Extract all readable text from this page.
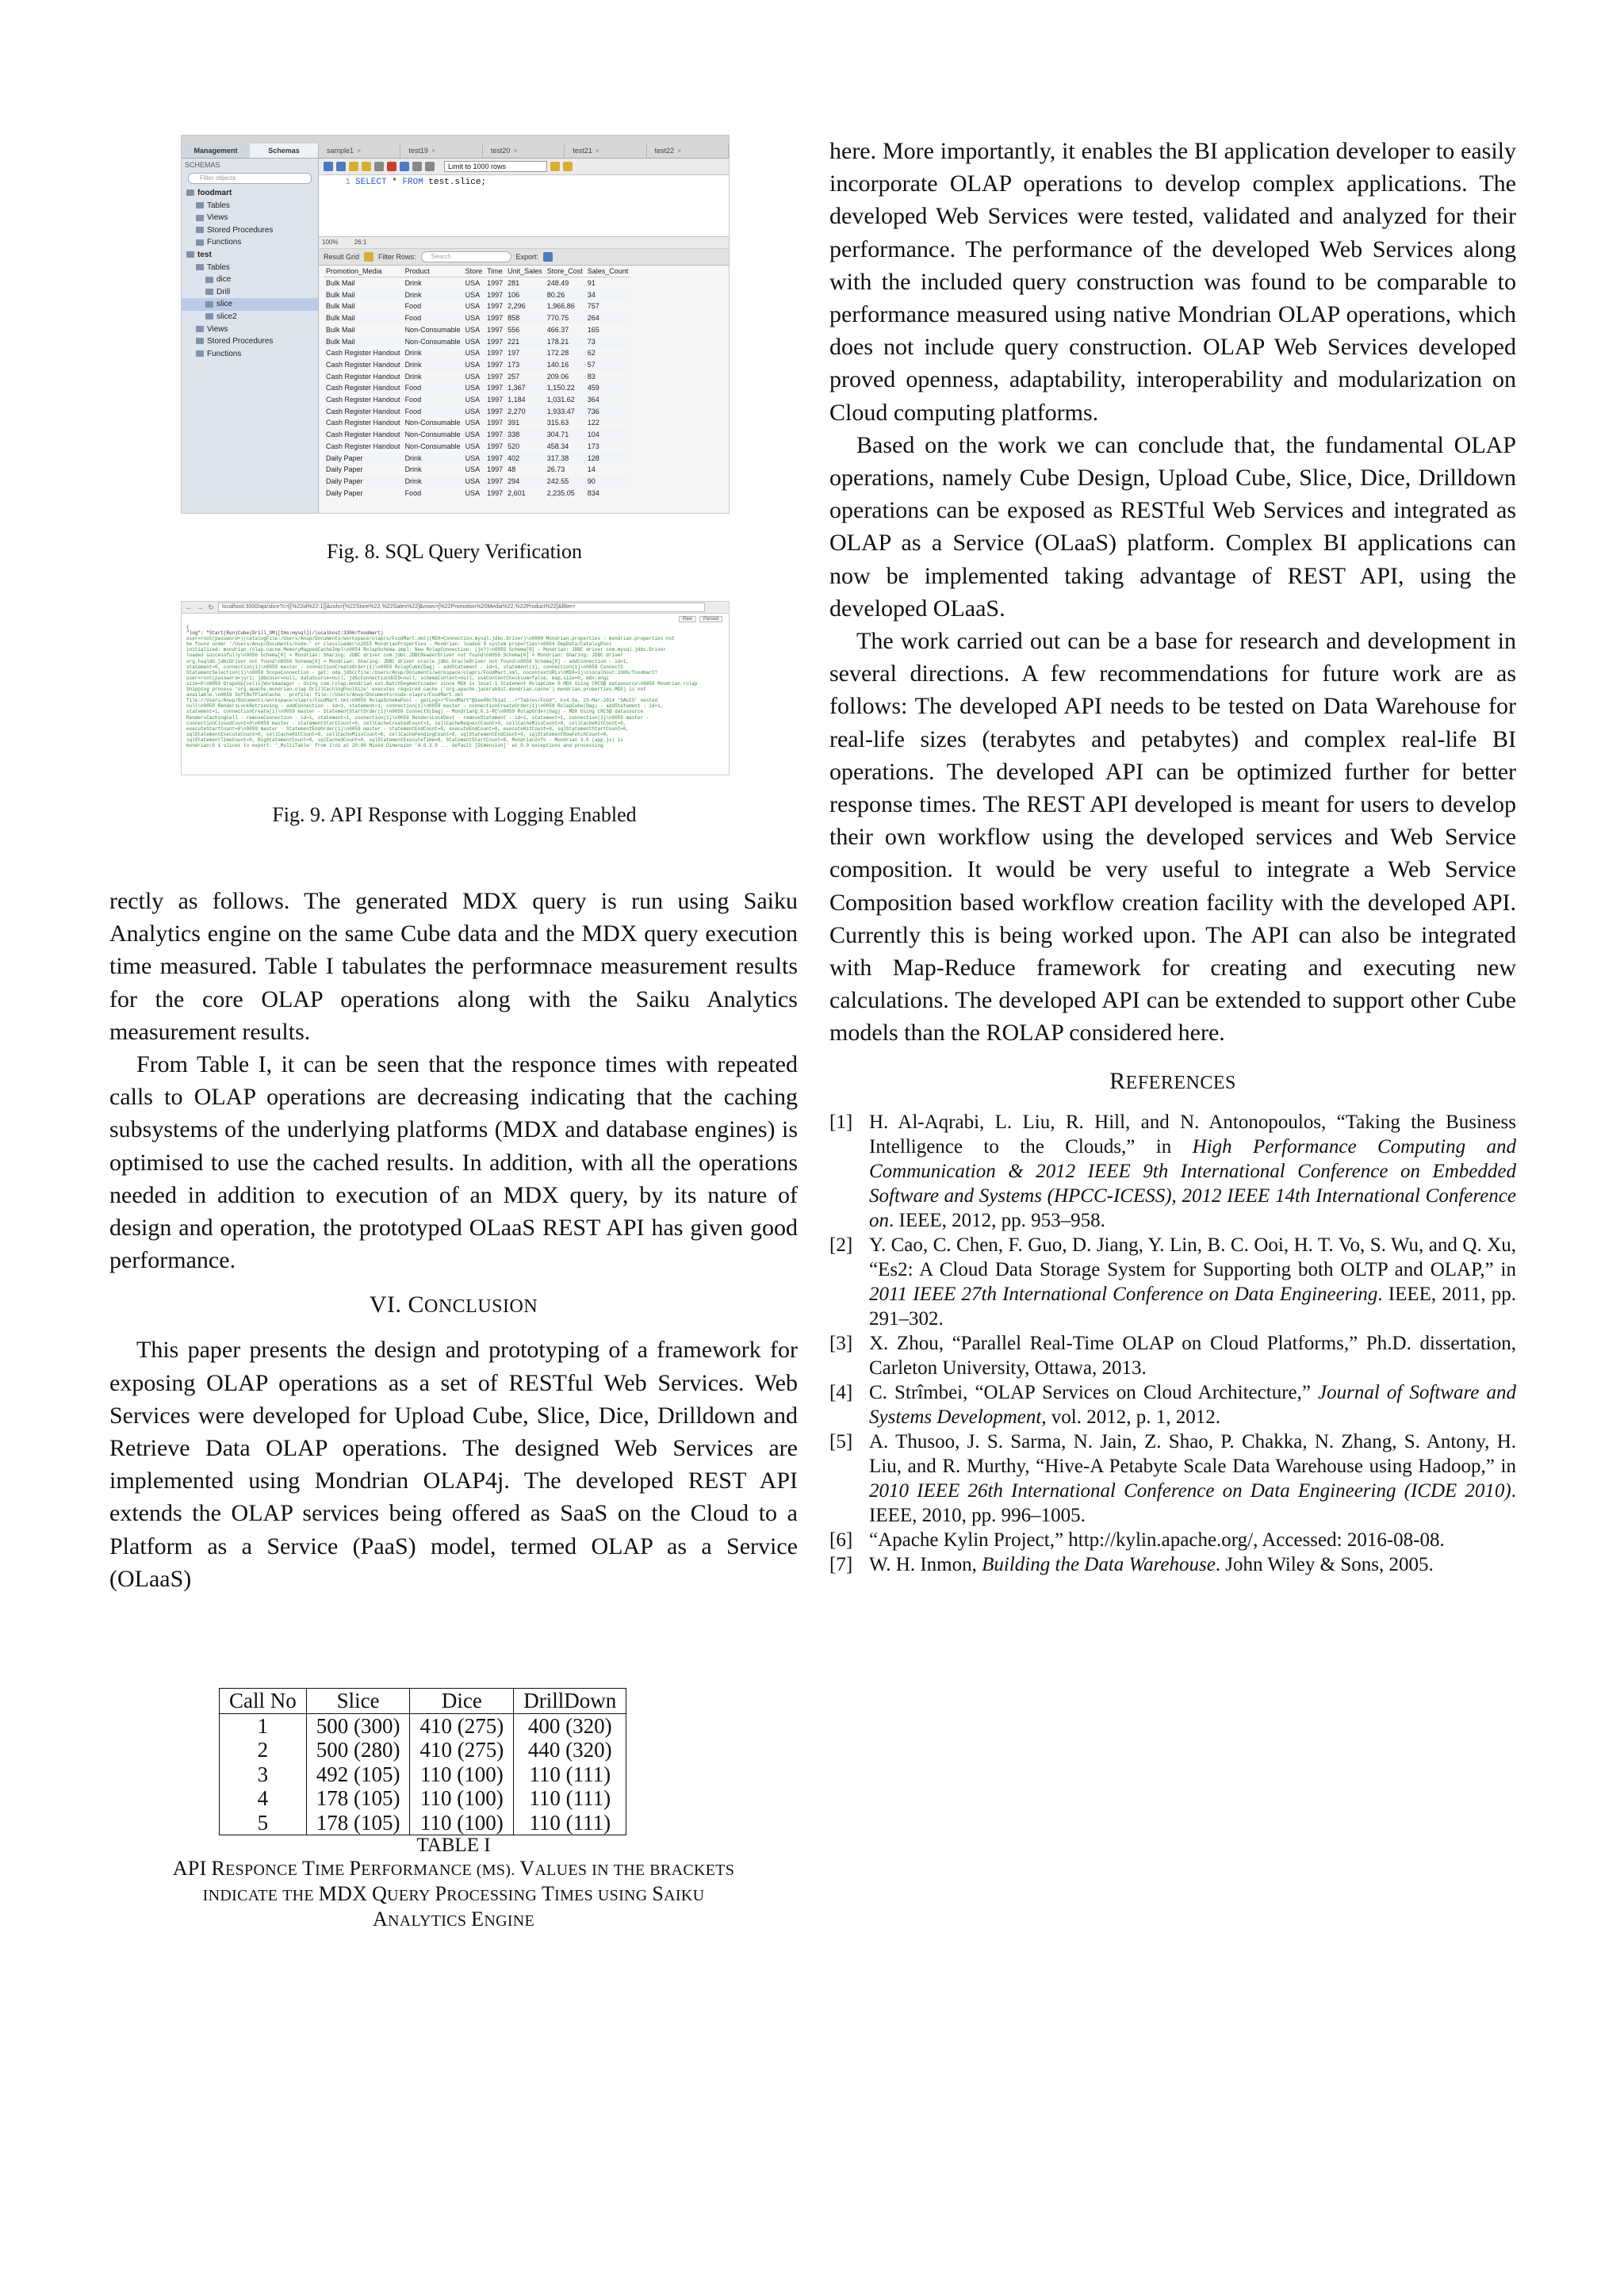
Management	Schemas
SCHEMAS
Filter objects
foodmart
Tables
Views
Stored Procedures
Functions
test
Tables
dice
Drill
slice
slice2
Views
Stored Procedures
Functions
sample1 ×	test19 ×	test20 ×	test21 ×	test22 ×
Limit to 1000 rows
1 SELECT * FROM test.slice;
100%	26:1
Result Grid	Filter Rows:	Search	Export:
Promotion_Media	Product	Store	Time	Unit_Sales	Store_Cost	Sales_Count
Bulk Mail	Drink	USA	1997	281	248.49	91
Bulk Mail	Drink	USA	1997	106	80.26	34
Bulk Mail	Food	USA	1997	2,296	1,966.86	757
Bulk Mail	Food	USA	1997	858	770.75	264
Bulk Mail	Non-Consumable	USA	1997	556	466.37	165
Bulk Mail	Non-Consumable	USA	1997	221	178.21	73
Cash Register Handout	Drink	USA	1997	197	172.28	62
Cash Register Handout	Drink	USA	1997	173	140.16	57
Cash Register Handout	Drink	USA	1997	257	209.06	83
Cash Register Handout	Food	USA	1997	1,367	1,150.22	459
Cash Register Handout	Food	USA	1997	1,184	1,031.62	364
Cash Register Handout	Food	USA	1997	2,270	1,933.47	736
Cash Register Handout	Non-Consumable	USA	1997	391	315.63	122
Cash Register Handout	Non-Consumable	USA	1997	338	304.71	104
Cash Register Handout	Non-Consumable	USA	1997	520	458.34	173
Daily Paper	Drink	USA	1997	402	317.38	128
Daily Paper	Drink	USA	1997	48	26.73	14
Daily Paper	Drink	USA	1997	294	242.55	90
Daily Paper	Food	USA	1997	2,601	2,235.05	834
Fig. 8. SQL Query Verification
← → ↻	localhost:3000/api/slice?c=[{%22id%22:1}]&cols=[%22Store%22,%22Sales%22]&rows=[%22Promotion%20Media%22,%22Product%22]&filter=
Raw	Parsed
{
"log": "Start(Run)Cube(Drill_OM)[tms:mysql](/localhost:3306/foodmart)
user=root(password=)(catalogFile:/Users/Anup/Documents/workspace/olaprs/FoodMart.xml)(MDX=Connection.mysql.jdbc.Driver)\n0000 Mondrian.properties - mondrian.properties not
be found under '/Users/Anup/Documents/node-' or classloader\n2015 MondrianProperties - Mondrian: loaded 0 system properties\n0054 DepData/CatalogPool
initialized: mondrian.rolap.cache.MemoryMappedCacheImpl\n0054 RolapSchema-impl: New RolapConnection: (jk?)\n0055 Schema[0] - Mondrian: JDBC driver com.mysql.jdbc.Driver
loaded successfully\n0056 Schema[0] = Mondrian: Sharing: JDBC driver com.jdbc.JDBCReaderDriver not found\n0056 Schema[0] = Mondrian: Sharing: JDBC driver
org.hsqldb.jdbcDriver not found\n0056 Schema[0] = Mondrian: Sharing: JDBC driver oracle.jdbc.OracleDriver not found\n0058 Schema[0] - addConnection - id=1,
statement=0, connection(1)\n0059 master - connectionCreateOrder(1)\n0059 RolapCube(Dag) - addStatement - id=1, statement(1), connection(1)\n0059 ConnectS
StatementSelection(1)\n0059 ScopeConnection - get: oda.jdbc(file:/Users/Anup/Documents/workspace/olaprs/FoodMart.xml, nocontextURLs\nMDX=1)\nlocalhost:3306/foodmart?
user=root(password=)ur1; jdbcUser=null, dataSource=null, jdbcConnectionUUID=null, schemaContent=null, useContentChecksum=false, map,size=0, mdx:engi
size=0\n0059 DrapeUp[cells]Workmanager - Using com.rolap.mondrian.ext.BatchSegmentLoader since MDX is local-1 Statement RolapCube 0 MDX Using CRCS@ datasource\n0059 Mondrian.rolap
Shipping process 'org.apache.mondrian.olap.DrillCachingPoolSize' executes required cache ('org.apache.jackrabbit.mondrian.cache') mondrian.properties.MDX) is not
available.\n0059 SoftRefPlanCache - profile: file://Users/Anup/Documents/node-olaprs/FoodMart.xml
file://Users/Anup/Documents/workspace/olaprs/FoodMart.xml\n0059 RolapSchemaPool - getLog>>"FoodMart"@1ee09c7b1a2...>"Tables/Food", kv4.0a, 23-Mar-2014 'SALES' nested
null\n0059 RendersLockRetrieving - addConnection - id=1, statement=1, connection(1)\n0059 master - connectionCreateOrder(1)\n0059 RolapCube(Dag) - addStatement - id=1,
statement=1, connectionCreate(1)\n0059 master - StatementStartOrder(1)\n0059 ConnectS(Dag) - MondrianQ.0.1-RC\n0059 RolapOrder(Dag) - MDX Using CRCS@ datasource
RendersCachingCell - removeConnection - id=1, statement=1, connection(1)\n0059 RendersLockDest - removeStatement - id=1, statement=1, connection(1)\n0059 master -
connectionClosedCount=0\n0059 master - statementStartCount=0, cellCacheCreatedCount=1, cellCacheRequestCount=0, cellCacheMissCount=0, cellCacheHitCount=0,
executeStartCount=0\n0059 master - StatementEndOrder(1)\n0059 master - statementEndCount=0, executeEndCount=0, executeHitCount=0, sqlStatementStartCount=0,
sqlStatementExecuteCount=0, cellCacheHitCount=0, cellCacheMissCount=0, cellCachePendingCount=0, sqlStatementEndCount=0, sqlStatementRowFetchCount=0,
sqlStatementTimeCount=0, BigStatementCount=0, sqlCachedCount=0, sqlStatementExecuteTime=0, StatementStartCount=0, MondrianInfo - Mondrian 3.0 (app.js) 1s
mondrian:0 1 slices to export: '_MultiTable' from 1\n1 at 20:00 Mixed Dimension '4.0.3.0 ... default [Dimension]' at 0.0 exceptions and processing
Fig. 9. API Response with Logging Enabled

rectly as follows. The generated MDX query is run using Saiku Analytics engine on the same Cube data and the MDX query execution time measured. Table I tabulates the performnace measurement results for the core OLAP operations along with the Saiku Analytics measurement results.

From Table I, it can be seen that the responce times with repeated calls to OLAP operations are decreasing indicating that the caching subsystems of the underlying platforms (MDX and database engines) is optimised to use the cached results. In addition, with all the operations needed in addition to execution of an MDX query, by its nature of design and operation, the prototyped OLaaS REST API has given good performance.

VI. CONCLUSION

This paper presents the design and prototyping of a framework for exposing OLAP operations as a set of RESTful Web Services. Web Services were developed for Upload Cube, Slice, Dice, Drilldown and Retrieve Data OLAP operations. The designed Web Services are implemented using Mondrian OLAP4j. The developed REST API extends the OLAP services being offered as SaaS on the Cloud to a Platform as a Service (PaaS) model, termed OLAP as a Service (OLaaS)

Call No	Slice	Dice	DrillDown
1	500 (300)	410 (275)	400 (320)
2	500 (280)	410 (275)	440 (320)
3	492 (105)	110 (100)	110 (111)
4	178 (105)	110 (100)	110 (111)
5	178 (105)	110 (100)	110 (111)
TABLE I
API RESPONCE TIME PERFORMANCE (MS). VALUES IN THE BRACKETS
INDICATE THE MDX QUERY PROCESSING TIMES USING SAIKU
ANALYTICS ENGINE

here. More importantly, it enables the BI application developer to easily incorporate OLAP operations to develop complex applications. The developed Web Services were tested, validated and analyzed for their performance. The performance of the developed Web Services along with the included query construction was found to be comparable to performance measured using native Mondrian OLAP operations, which does not include query construction. OLAP Web Services developed proved openness, adaptability, interoperability and modularization on Cloud computing platforms.

Based on the work we can conclude that, the fundamental OLAP operations, namely Cube Design, Upload Cube, Slice, Dice, Drilldown operations can be exposed as RESTful Web Services and integrated as OLAP as a Service (OLaaS) platform. Complex BI applications can now be implemented taking advantage of REST API, using the developed OLaaS.

The work carried out can be a base for research and development in several directions. A few recommendations for future work are as follows: The developed API needs to be tested on Data Warehouse for real-life sizes (terabytes and petabytes) and complex real-life BI operations. The developed API can be optimized further for better response times. The REST API developed is meant for users to develop their own workflow using the developed services and Web Service composition. It would be very useful to integrate a Web Service Composition based workflow creation facility with the developed API. Currently this is being worked upon. The API can also be integrated with Map-Reduce framework for creating and executing new calculations. The developed API can be extended to support other Cube models than the ROLAP considered here.

REFERENCES
[1] H. Al-Aqrabi, L. Liu, R. Hill, and N. Antonopoulos, “Taking the Business Intelligence to the Clouds,” in High Performance Computing and Communication & 2012 IEEE 9th International Conference on Embedded Software and Systems (HPCC-ICESS), 2012 IEEE 14th International Conference on. IEEE, 2012, pp. 953–958.
[2] Y. Cao, C. Chen, F. Guo, D. Jiang, Y. Lin, B. C. Ooi, H. T. Vo, S. Wu, and Q. Xu, “Es2: A Cloud Data Storage System for Supporting both OLTP and OLAP,” in 2011 IEEE 27th International Conference on Data Engineering. IEEE, 2011, pp. 291–302.
[3] X. Zhou, “Parallel Real-Time OLAP on Cloud Platforms,” Ph.D. dissertation, Carleton University, Ottawa, 2013.
[4] C. Strîmbei, “OLAP Services on Cloud Architecture,” Journal of Software and Systems Development, vol. 2012, p. 1, 2012.
[5] A. Thusoo, J. S. Sarma, N. Jain, Z. Shao, P. Chakka, N. Zhang, S. Antony, H. Liu, and R. Murthy, “Hive-A Petabyte Scale Data Warehouse using Hadoop,” in 2010 IEEE 26th International Conference on Data Engineering (ICDE 2010). IEEE, 2010, pp. 996–1005.
[6] “Apache Kylin Project,” http://kylin.apache.org/, Accessed: 2016-08-08.
[7] W. H. Inmon, Building the Data Warehouse. John Wiley & Sons, 2005.
